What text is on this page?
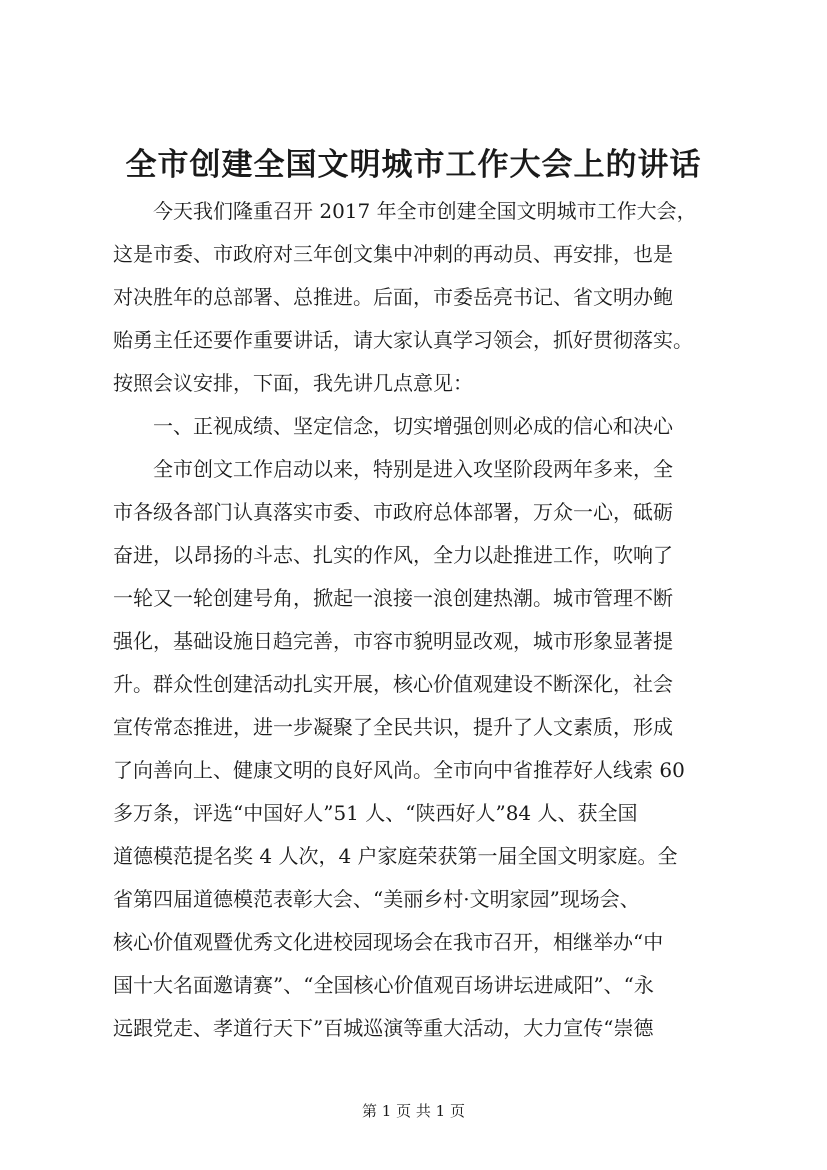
全市创建全国文明城市工作大会上的讲话

　　今天我们隆重召开 2017 年全市创建全国文明城市工作大会，

这是市委、市政府对三年创文集中冲刺的再动员、再安排，也是

对决胜年的总部署、总推进。后面，市委岳亮书记、省文明办鲍

贻勇主任还要作重要讲话，请大家认真学习领会，抓好贯彻落实。

按照会议安排，下面，我先讲几点意见：

　　一、正视成绩、坚定信念，切实增强创则必成的信心和决心

　　全市创文工作启动以来，特别是进入攻坚阶段两年多来，全

市各级各部门认真落实市委、市政府总体部署，万众一心，砥砺

奋进，以昂扬的斗志、扎实的作风，全力以赴推进工作，吹响了

一轮又一轮创建号角，掀起一浪接一浪创建热潮。城市管理不断

强化，基础设施日趋完善，市容市貌明显改观，城市形象显著提

升。群众性创建活动扎实开展，核心价值观建设不断深化，社会

宣传常态推进，进一步凝聚了全民共识，提升了人文素质，形成

了向善向上、健康文明的良好风尚。全市向中省推荐好人线索 60

多万条，评选“中国好人”51 人、“陕西好人”84 人、获全国

道德模范提名奖 4 人次，4 户家庭荣获第一届全国文明家庭。全

省第四届道德模范表彰大会、“美丽乡村·文明家园”现场会、

核心价值观暨优秀文化进校园现场会在我市召开，相继举办“中

国十大名面邀请赛”、“全国核心价值观百场讲坛进咸阳”、“永

远跟党走、孝道行天下”百城巡演等重大活动，大力宣传“崇德

第 1 页 共 1 页
